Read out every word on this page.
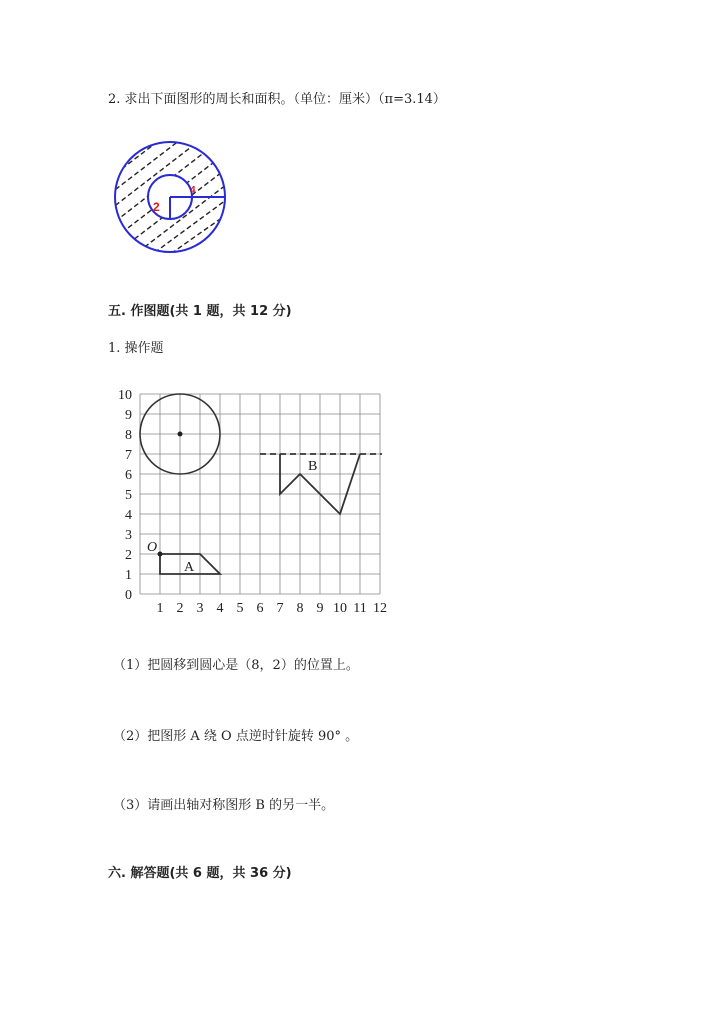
2. 求出下面图形的周长和面积。（单位：厘米）（π=3.14）
2
4
五. 作图题(共 1 题，共 12 分)
1. 操作题
1 2 3 4 5 6 7 8 9 10 11 12
0
1
2
3
4
5
6
7
8
9
10
O
A
B
（1）把圆移到圆心是（8，2）的位置上。
（2）把图形 A 绕 O 点逆时针旋转 90° 。
（3）请画出轴对称图形 B 的另一半。
六. 解答题(共 6 题，共 36 分)
